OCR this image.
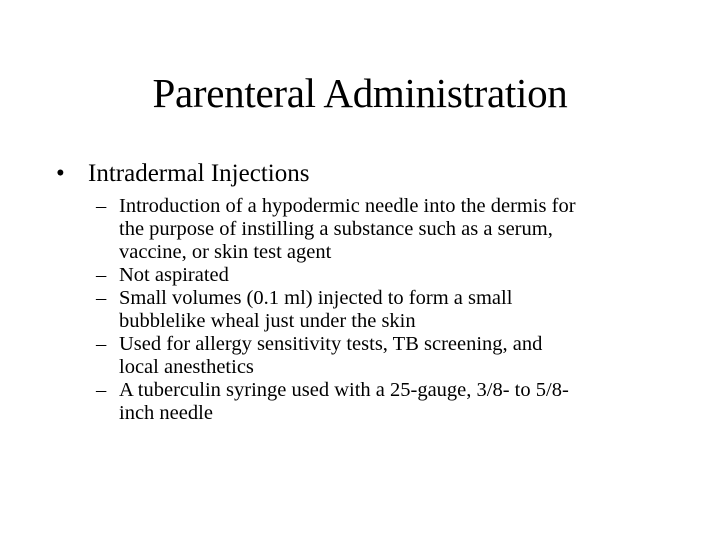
Parenteral Administration
• Intradermal Injections
– Introduction of a hypodermic needle into the dermis for
the purpose of instilling a substance such as a serum,
vaccine, or skin test agent
– Not aspirated
– Small volumes (0.1 ml) injected to form a small
bubblelike wheal just under the skin
– Used for allergy sensitivity tests, TB screening, and
local anesthetics
– A tuberculin syringe used with a 25-gauge, 3/8- to 5/8-
inch needle
